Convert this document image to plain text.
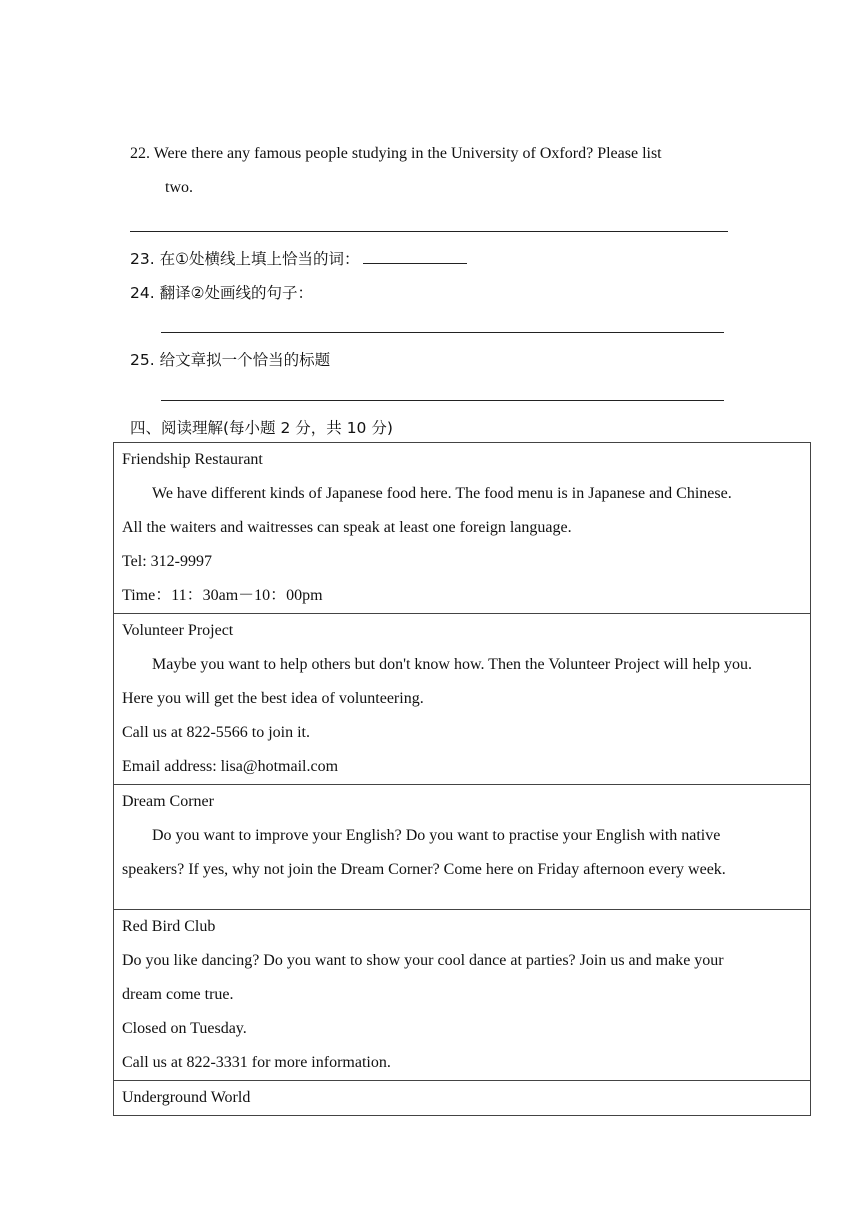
22. Were there any famous people studying in the University of Oxford? Please list
two.
23. 在①处横线上填上恰当的词：
24. 翻译②处画线的句子：
25. 给文章拟一个恰当的标题
四、阅读理解(每小题 2 分，共 10 分)
Friendship Restaurant
We have different kinds of Japanese food here. The food menu is in Japanese and Chinese.
All the waiters and waitresses can speak at least one foreign language.
Tel: 312-9997
Time：11：30am－10：00pm

Volunteer Project
Maybe you want to help others but don't know how. Then the Volunteer Project will help you.
Here you will get the best idea of volunteering.
Call us at 822-5566 to join it.
Email address: lisa@hotmail.com

Dream Corner
Do you want to improve your English? Do you want to practise your English with native
speakers? If yes, why not join the Dream Corner? Come here on Friday afternoon every week.

Red Bird Club
Do you like dancing? Do you want to show your cool dance at parties? Join us and make your
dream come true.
Closed on Tuesday.
Call us at 822-3331 for more information.

Underground World
